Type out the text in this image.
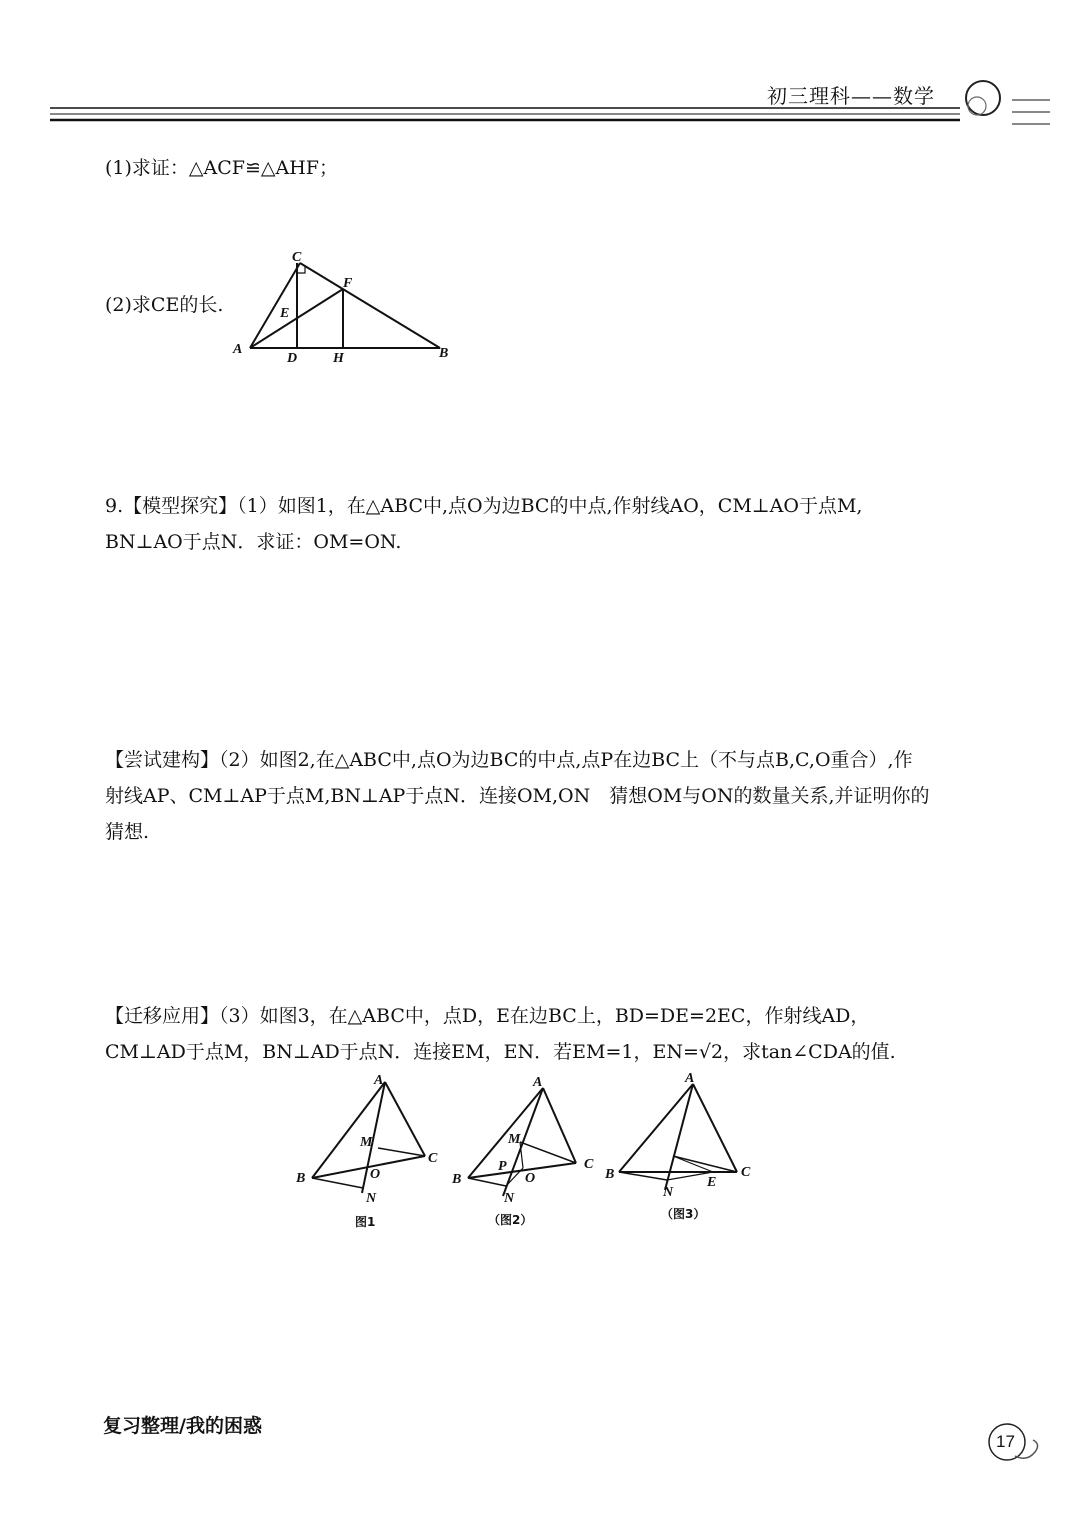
初三理科——数学
(1)求证：△ACF≌△AHF；
(2)求CE的长.
C
F
E
A
D	H	B
9.【模型探究】（1）如图1，在△ABC中,点O为边BC的中点,作射线AO，CM⊥AO于点M,
BN⊥AO于点N．求证：OM=ON.
【尝试建构】（2）如图2,在△ABC中,点O为边BC的中点,点P在边BC上（不与点B,C,O重合）,作
射线AP、CM⊥AP于点M,BN⊥AP于点N．连接OM,ON　猜想OM与ON的数量关系,并证明你的
猜想.
【迁移应用】（3）如图3，在△ABC中，点D，E在边BC上，BD=DE=2EC，作射线AD，
CM⊥AD于点M，BN⊥AD于点N．连接EM，EN．若EM=1，EN=√2，求tan∠CDA的值.
A
M
C
B	O
N
图1
A
M
P
O
C
B
N
（图2）
A
B	C
N
E
（图3）
复习整理/我的困惑
17
